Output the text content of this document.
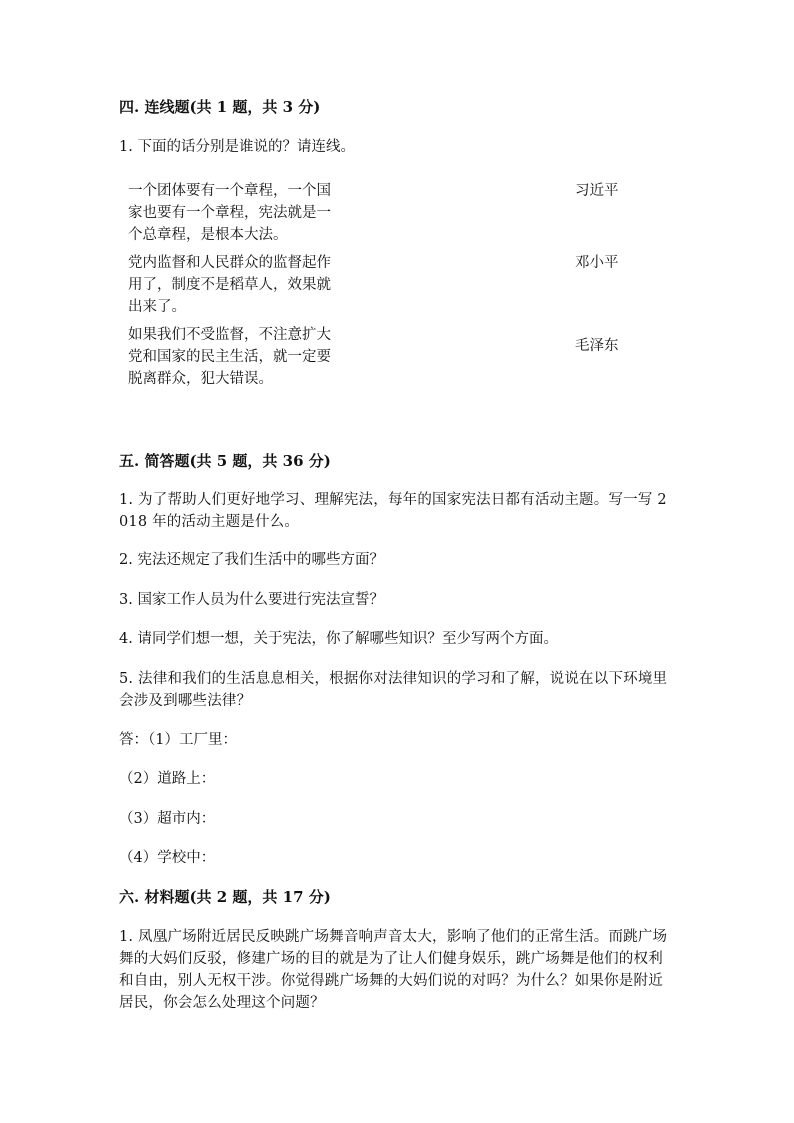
四. 连线题(共 1 题，共 3 分)
1. 下面的话分别是谁说的？请连线。
一个团体要有一个章程，一个国家也要有一个章程，宪法就是一个总章程，是根本大法。
党内监督和人民群众的监督起作用了，制度不是稻草人，效果就出来了。
如果我们不受监督，不注意扩大党和国家的民主生活，就一定要脱离群众，犯大错误。
习近平
邓小平
毛泽东
五. 简答题(共 5 题，共 36 分)
1. 为了帮助人们更好地学习、理解宪法，每年的国家宪法日都有活动主题。写一写 2018 年的活动主题是什么。
2. 宪法还规定了我们生活中的哪些方面？
3. 国家工作人员为什么要进行宪法宣誓？
4. 请同学们想一想，关于宪法，你了解哪些知识？至少写两个方面。
5. 法律和我们的生活息息相关，根据你对法律知识的学习和了解，说说在以下环境里会涉及到哪些法律？
答：（1）工厂里：
（2）道路上：
（3）超市内：
（4）学校中：
六. 材料题(共 2 题，共 17 分)
1. 凤凰广场附近居民反映跳广场舞音响声音太大，影响了他们的正常生活。而跳广场舞的大妈们反驳，修建广场的目的就是为了让人们健身娱乐，跳广场舞是他们的权利和自由，别人无权干涉。你觉得跳广场舞的大妈们说的对吗？为什么？如果你是附近居民，你会怎么处理这个问题？
